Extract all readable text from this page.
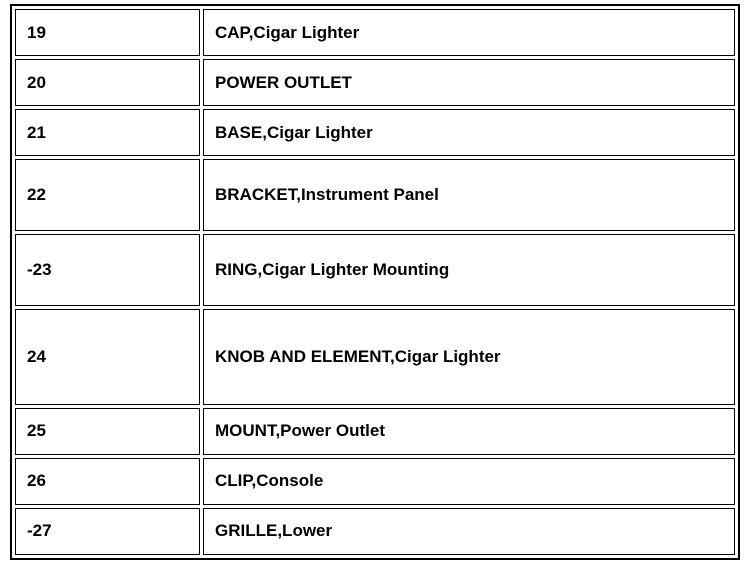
19	CAP,Cigar Lighter
20	POWER OUTLET
21	BASE,Cigar Lighter
22	BRACKET,Instrument Panel
-23	RING,Cigar Lighter Mounting
24	KNOB AND ELEMENT,Cigar Lighter
25	MOUNT,Power Outlet
26	CLIP,Console
-27	GRILLE,Lower
